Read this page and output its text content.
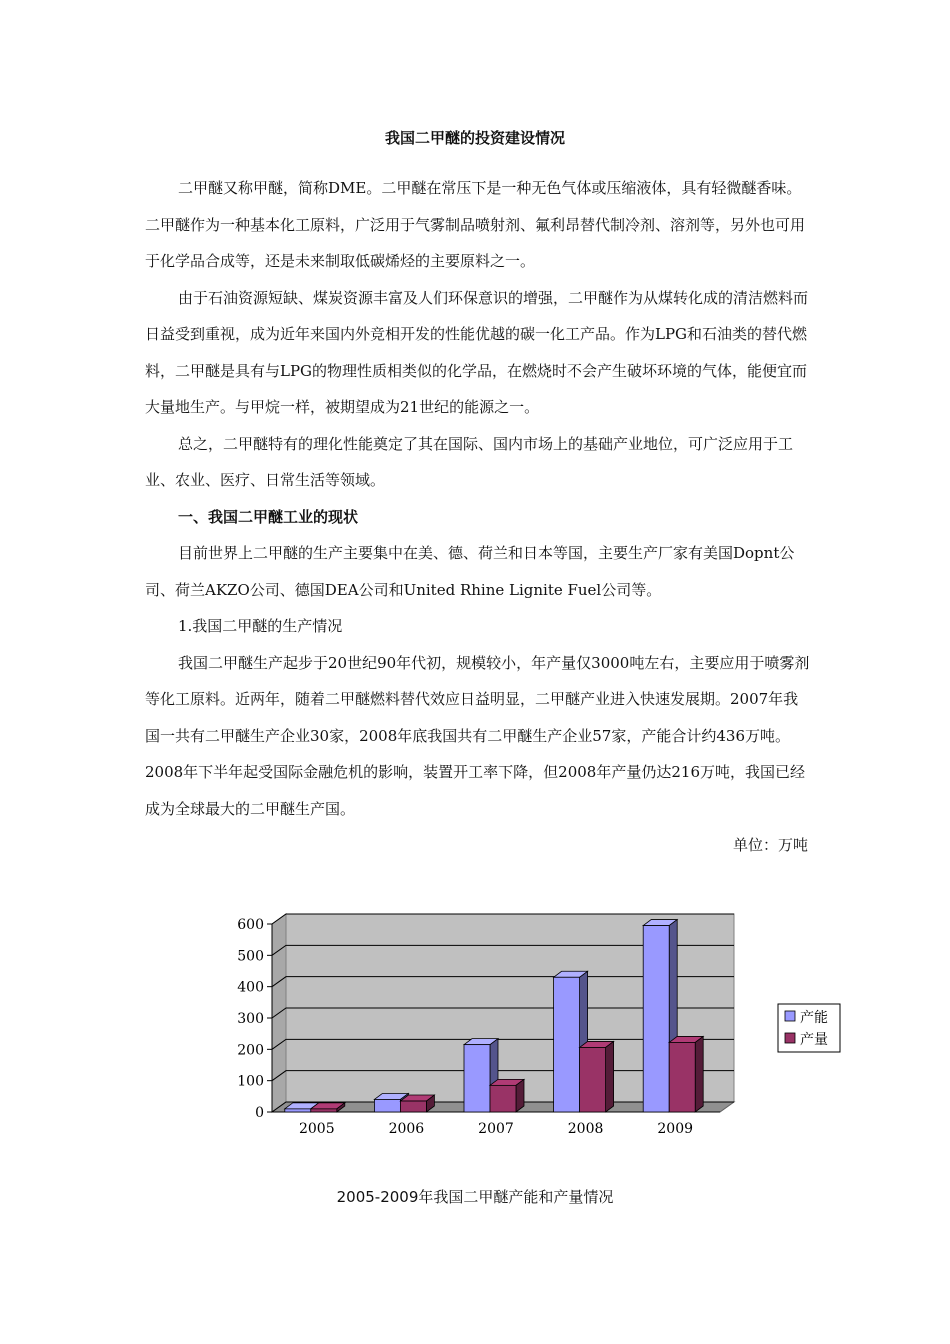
我国二甲醚的投资建设情况

二甲醚又称甲醚，简称DME。二甲醚在常压下是一种无色气体或压缩液体，具有轻微醚香味。二甲醚作为一种基本化工原料，广泛用于气雾制品喷射剂、氟利昂替代制冷剂、溶剂等，另外也可用于化学品合成等，还是未来制取低碳烯烃的主要原料之一。

由于石油资源短缺、煤炭资源丰富及人们环保意识的增强，二甲醚作为从煤转化成的清洁燃料而日益受到重视，成为近年来国内外竞相开发的性能优越的碳一化工产品。作为LPG和石油类的替代燃料，二甲醚是具有与LPG的物理性质相类似的化学品，在燃烧时不会产生破坏环境的气体，能便宜而大量地生产。与甲烷一样，被期望成为21世纪的能源之一。

总之，二甲醚特有的理化性能奠定了其在国际、国内市场上的基础产业地位，可广泛应用于工业、农业、医疗、日常生活等领域。

一、我国二甲醚工业的现状

目前世界上二甲醚的生产主要集中在美、德、荷兰和日本等国，主要生产厂家有美国Dopnt公司、荷兰AKZO公司、德国DEA公司和United Rhine Lignite Fuel公司等。

1.我国二甲醚的生产情况

我国二甲醚生产起步于20世纪90年代初，规模较小，年产量仅3000吨左右，主要应用于喷雾剂等化工原料。近两年，随着二甲醚燃料替代效应日益明显，二甲醚产业进入快速发展期。2007年我国一共有二甲醚生产企业30家，2008年底我国共有二甲醚生产企业57家，产能合计约436万吨。2008年下半年起受国际金融危机的影响，装置开工率下降，但2008年产量仍达216万吨，我国已经成为全球最大的二甲醚生产国。

单位：万吨

0
100
200
300
400
500
600
2005	2006	2007	2008	2009
产能
产量
2005-2009年我国二甲醚产能和产量情况
